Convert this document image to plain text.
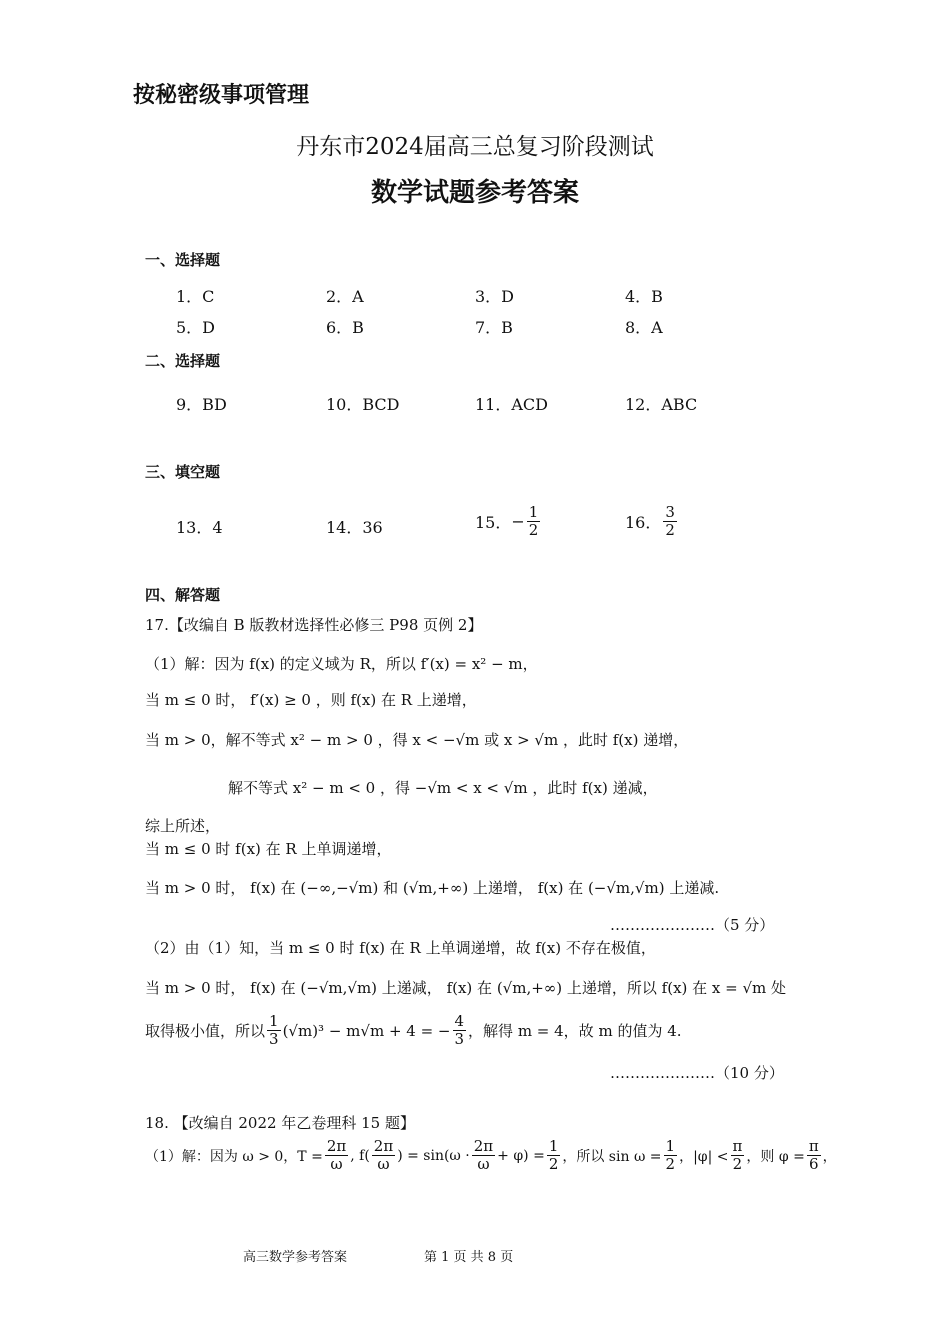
按秘密级事项管理
丹东市2024届高三总复习阶段测试
数学试题参考答案
一、选择题
1．C	2．A	3．D	4．B
5．D	6．B	7．B	8．A
二、选择题
9．BD	10．BCD	11．ACD	12．ABC
三、填空题
13．4	14．36	15． − $\frac{1}{2}$	16． $\frac{3}{2}$
四、解答题
17.【改编自 B 版教材选择性必修三 P98 页例 2】
（1）解：因为 f(x) 的定义域为 R，所以 f′(x) = x² − m，
当 m ≤ 0 时， f′(x) ≥ 0 ，则 f(x) 在 R 上递增，
当 m > 0，解不等式 x² − m > 0 ，得 x < −√m 或 x > √m ，此时 f(x) 递增，
解不等式 x² − m < 0 ，得 −√m < x < √m ，此时 f(x) 递减，
综上所述，
当 m ≤ 0 时 f(x) 在 R 上单调递增，
当 m > 0 时， f(x) 在 (−∞,−√m) 和 (√m,+∞) 上递增， f(x) 在 (−√m,√m) 上递减.
…………………（5 分）
（2）由（1）知，当 m ≤ 0 时 f(x) 在 R 上单调递增，故 f(x) 不存在极值，
当 m > 0 时， f(x) 在 (−√m,√m) 上递减， f(x) 在 (√m,+∞) 上递增，所以 f(x) 在 x = √m 处
取得极小值，所以 $\frac{1}{3} (√m)^3 - m√m + 4$ = − $\frac{4}{3}$ ，解得 m = 4，故 m 的值为 4.
…………………（10 分）
18. 【改编自 2022 年乙卷理科 15 题】
（1）解：因为 ω > 0，$T = \frac{2\pi}{\omega}$ , $f( \frac{2\pi}{\omega}$ ) = $\sin(\omega \cdot \frac{2\pi}{\omega} + \varphi) = \frac{1}{2}$ ，所以 $\sin \omega = \frac{1}{2}$ ，$|\varphi| < \frac{\pi}{2}$ ，则 $\varphi = \frac{\pi}{6}$ ，
高三数学参考答案	第 1 页 共 8 页
